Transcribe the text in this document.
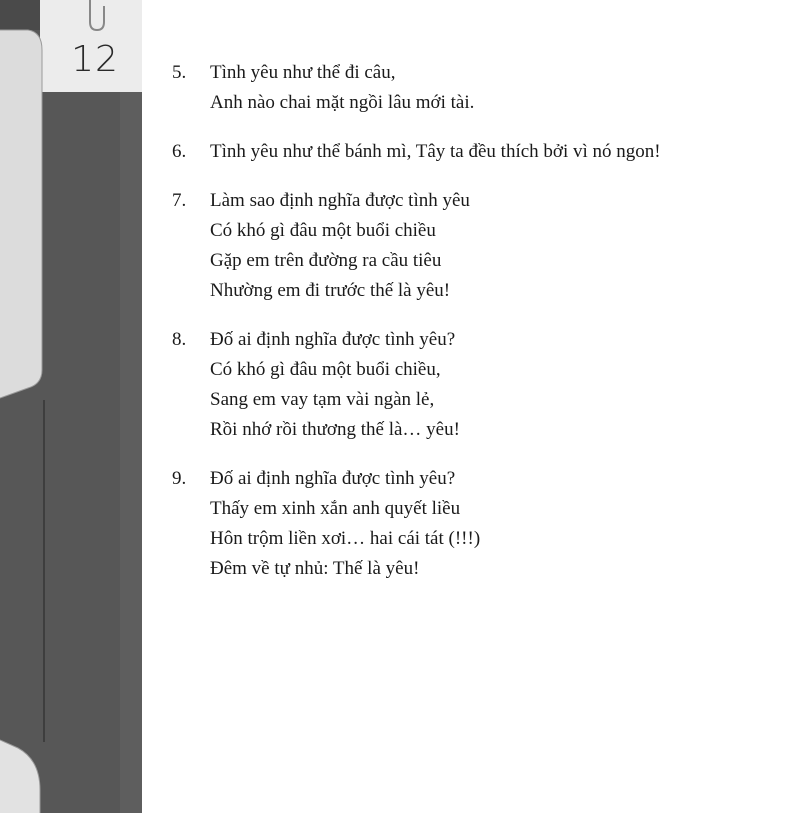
12	5.	Tình yêu như thể đi câu,
Anh nào chai mặt ngồi lâu mới tài.
6.	Tình yêu như thể bánh mì, Tây ta đều thích bởi vì nó ngon!
7.	Làm sao định nghĩa được tình yêu
Có khó gì đâu một buổi chiều
Gặp em trên đường ra cầu tiêu
Nhường em đi trước thế là yêu!
8.	Đố ai định nghĩa được tình yêu?
Có khó gì đâu một buổi chiều,
Sang em vay tạm vài ngàn lẻ,
Rồi nhớ rồi thương thế là… yêu!
9.	Đố ai định nghĩa được tình yêu?
Thấy em xinh xắn anh quyết liều
Hôn trộm liền xơi… hai cái tát (!!!)
Đêm về tự nhủ: Thế là yêu!
